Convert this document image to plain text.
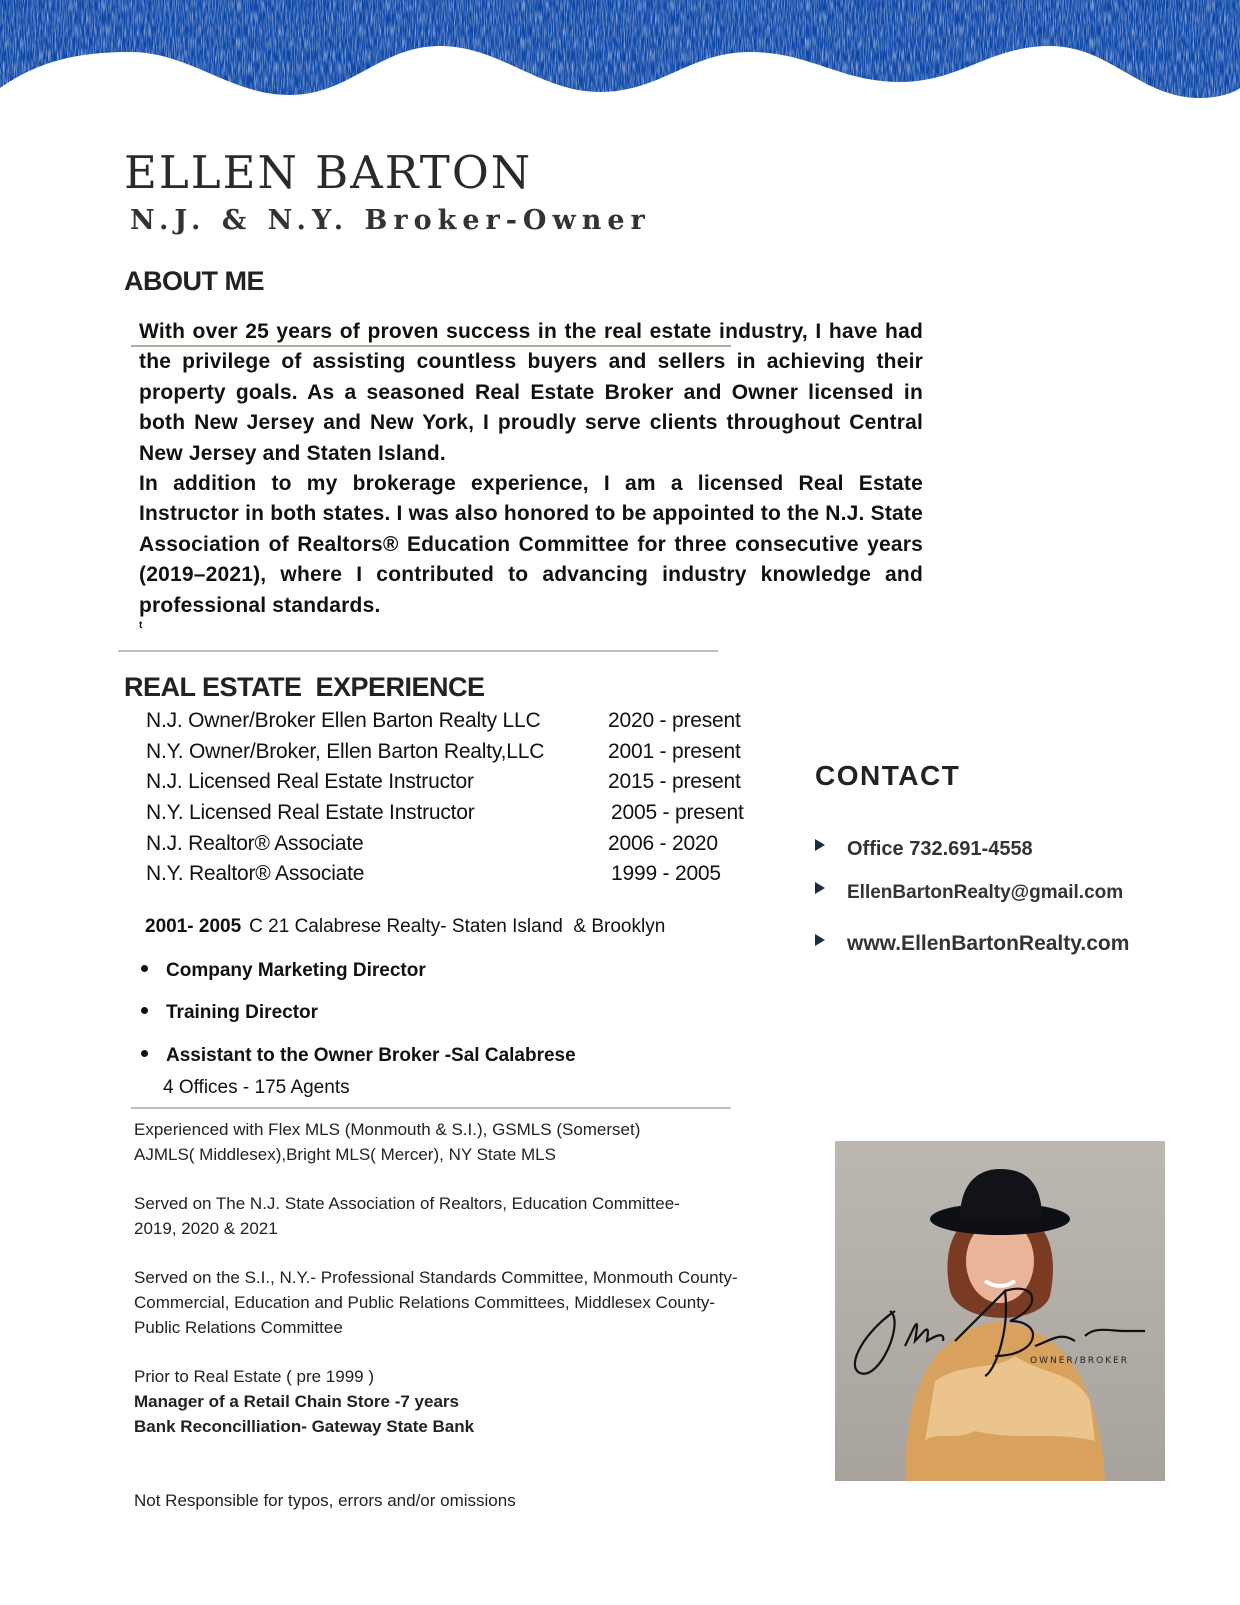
ELLEN BARTON
N.J. & N.Y. Broker-Owner
ABOUT ME

With over 25 years of proven success in the real estate industry, I have had the privilege of assisting countless buyers and sellers in achieving their property goals. As a seasoned Real Estate Broker and Owner licensed in both New Jersey and New York, I proudly serve clients throughout Central New Jersey and Staten Island.

In addition to my brokerage experience, I am a licensed Real Estate Instructor in both states. I was also honored to be appointed to the N.J. State Association of Realtors® Education Committee for three consecutive years (2019–2021), where I contributed to advancing industry knowledge and professional standards.

t
REAL ESTATE  EXPERIENCE
N.J. Owner/Broker Ellen Barton Realty LLC	2020 - present
N.Y. Owner/Broker, Ellen Barton Realty,LLC	2001 - present
N.J. Licensed Real Estate Instructor	2015 - present
N.Y. Licensed Real Estate Instructor	2005 - present
N.J. Realtor® Associate	2006 - 2020
N.Y. Realtor® Associate	1999 - 2005
2001- 2005 C 21 Calabrese Realty- Staten Island  & Brooklyn
Company Marketing Director
Training Director
Assistant to the Owner Broker -Sal Calabrese
4 Offices - 175 Agents

Experienced with Flex MLS (Monmouth & S.I.), GSMLS (Somerset)
AJMLS( Middlesex),Bright MLS( Mercer), NY State MLS

Served on The N.J. State Association of Realtors, Education Committee-
2019, 2020 & 2021

Served on the S.I., N.Y.- Professional Standards Committee, Monmouth County-
Commercial, Education and Public Relations Committees, Middlesex County-
Public Relations Committee

Prior to Real Estate ( pre 1999 )
Manager of a Retail Chain Store -7 years
Bank Reconcilliation- Gateway State Bank

Not Responsible for typos, errors and/or omissions
CONTACT
Office 732.691-4558
EllenBartonRealty@gmail.com
www.EllenBartonRealty.com
OWNER/BROKER
